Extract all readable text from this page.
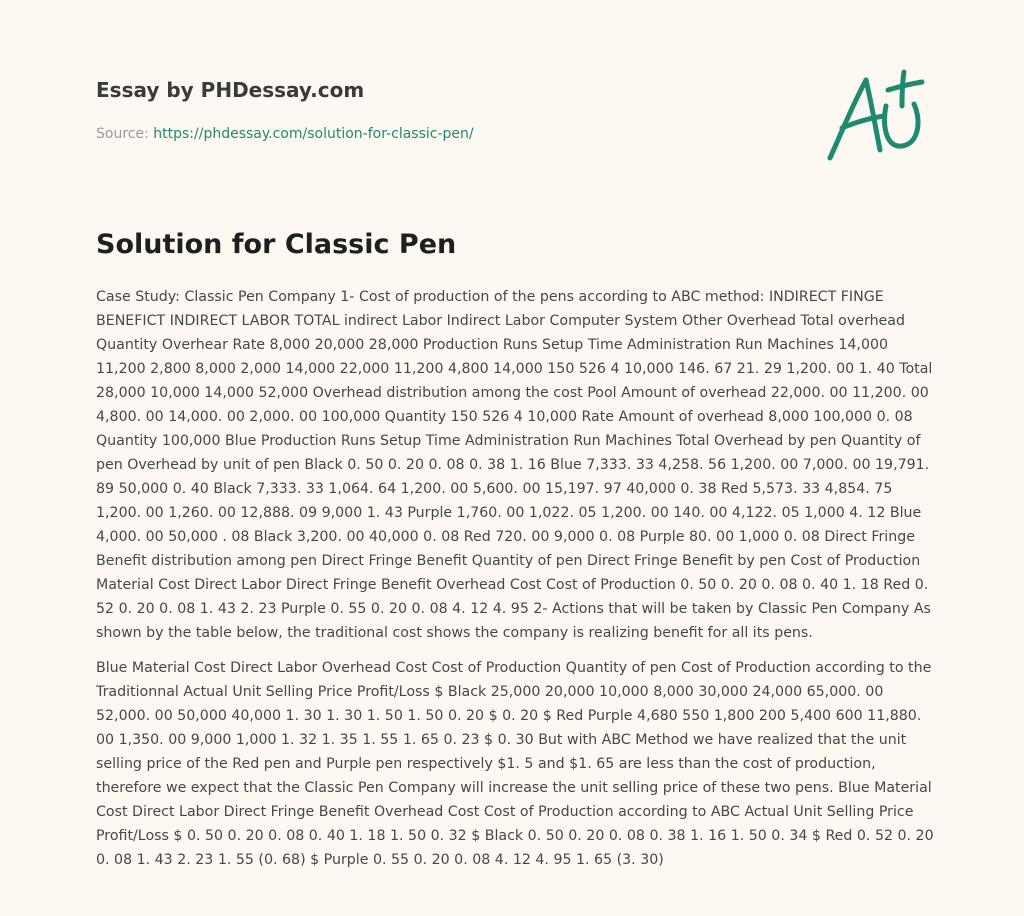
Essay by PHDessay.com

Source: https://phdessay.com/solution-for-classic-pen/
Solution for Classic Pen

Case Study: Classic Pen Company 1- Cost of production of the pens according to ABC method: INDIRECT FINGE BENEFICT INDIRECT LABOR TOTAL indirect Labor Indirect Labor Computer System Other Overhead Total overhead Quantity Overhear Rate 8,000 20,000 28,000 Production Runs Setup Time Administration Run Machines 14,000 11,200 2,800 8,000 2,000 14,000 22,000 11,200 4,800 14,000 150 526 4 10,000 146. 67 21. 29 1,200. 00 1. 40 Total 28,000 10,000 14,000 52,000 Overhead distribution among the cost Pool Amount of overhead 22,000. 00 11,200. 00 4,800. 00 14,000. 00 2,000. 00 100,000 Quantity 150 526 4 10,000 Rate Amount of overhead 8,000 100,000 0. 08 Quantity 100,000 Blue Production Runs Setup Time Administration Run Machines Total Overhead by pen Quantity of pen Overhead by unit of pen Black 0. 50 0. 20 0. 08 0. 38 1. 16 Blue 7,333. 33 4,258. 56 1,200. 00 7,000. 00 19,791. 89 50,000 0. 40 Black 7,333. 33 1,064. 64 1,200. 00 5,600. 00 15,197. 97 40,000 0. 38 Red 5,573. 33 4,854. 75 1,200. 00 1,260. 00 12,888. 09 9,000 1. 43 Purple 1,760. 00 1,022. 05 1,200. 00 140. 00 4,122. 05 1,000 4. 12 Blue 4,000. 00 50,000 . 08 Black 3,200. 00 40,000 0. 08 Red 720. 00 9,000 0. 08 Purple 80. 00 1,000 0. 08 Direct Fringe Benefit distribution among pen Direct Fringe Benefit Quantity of pen Direct Fringe Benefit by pen Cost of Production Material Cost Direct Labor Direct Fringe Benefit Overhead Cost Cost of Production 0. 50 0. 20 0. 08 0. 40 1. 18 Red 0. 52 0. 20 0. 08 1. 43 2. 23 Purple 0. 55 0. 20 0. 08 4. 12 4. 95 2- Actions that will be taken by Classic Pen Company As shown by the table below, the traditional cost shows the company is realizing benefit for all its pens.

Blue Material Cost Direct Labor Overhead Cost Cost of Production Quantity of pen Cost of Production according to the Traditionnal Actual Unit Selling Price Profit/Loss $ Black 25,000 20,000 10,000 8,000 30,000 24,000 65,000. 00 52,000. 00 50,000 40,000 1. 30 1. 30 1. 50 1. 50 0. 20 $ 0. 20 $ Red Purple 4,680 550 1,800 200 5,400 600 11,880. 00 1,350. 00 9,000 1,000 1. 32 1. 35 1. 55 1. 65 0. 23 $ 0. 30 But with ABC Method we have realized that the unit selling price of the Red pen and Purple pen respectively $1. 5 and $1. 65 are less than the cost of production, therefore we expect that the Classic Pen Company will increase the unit selling price of these two pens. Blue Material Cost Direct Labor Direct Fringe Benefit Overhead Cost Cost of Production according to ABC Actual Unit Selling Price Profit/Loss $ 0. 50 0. 20 0. 08 0. 40 1. 18 1. 50 0. 32 $ Black 0. 50 0. 20 0. 08 0. 38 1. 16 1. 50 0. 34 $ Red 0. 52 0. 20 0. 08 1. 43 2. 23 1. 55 (0. 68) $ Purple 0. 55 0. 20 0. 08 4. 12 4. 95 1. 65 (3. 30)
